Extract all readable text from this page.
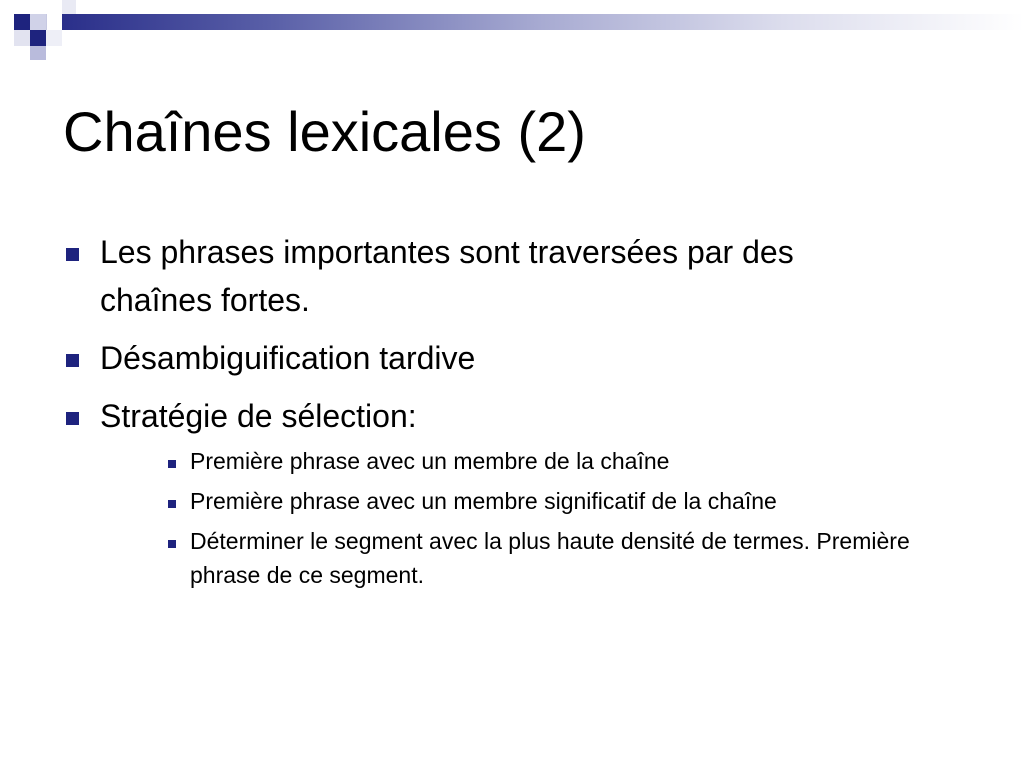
Chaînes lexicales (2)
Les phrases importantes sont traversées par des chaînes fortes.
Désambiguification tardive
Stratégie de sélection:
Première phrase avec un membre de la chaîne
Première phrase avec un membre significatif de la chaîne
Déterminer le segment avec la plus haute densité de termes. Première phrase de ce segment.
